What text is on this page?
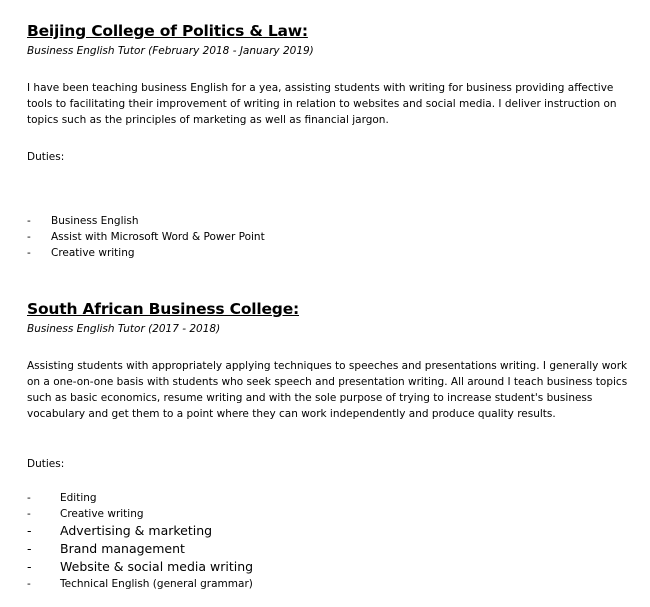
Beijing College of Politics & Law:
Business English Tutor (February 2018 - January 2019)

I have been teaching business English for a yea, assisting students with writing for business providing affective tools to facilitating their improvement of writing in relation to websites and social media. I deliver instruction on topics such as the principles of marketing as well as financial jargon.

Duties:
- Business English
- Assist with Microsoft Word & Power Point
- Creative writing
South African Business College:
Business English Tutor (2017 - 2018)

Assisting students with appropriately applying techniques to speeches and presentations writing. I generally work on a one-on-one basis with students who seek speech and presentation writing. All around I teach business topics such as basic economics, resume writing and with the sole purpose of trying to increase student's business vocabulary and get them to a point where they can work independently and produce quality results.

Duties:
-	Editing
-	Creative writing
- Advertising & marketing
- Brand management
- Website & social media writing
-	Technical English (general grammar)
